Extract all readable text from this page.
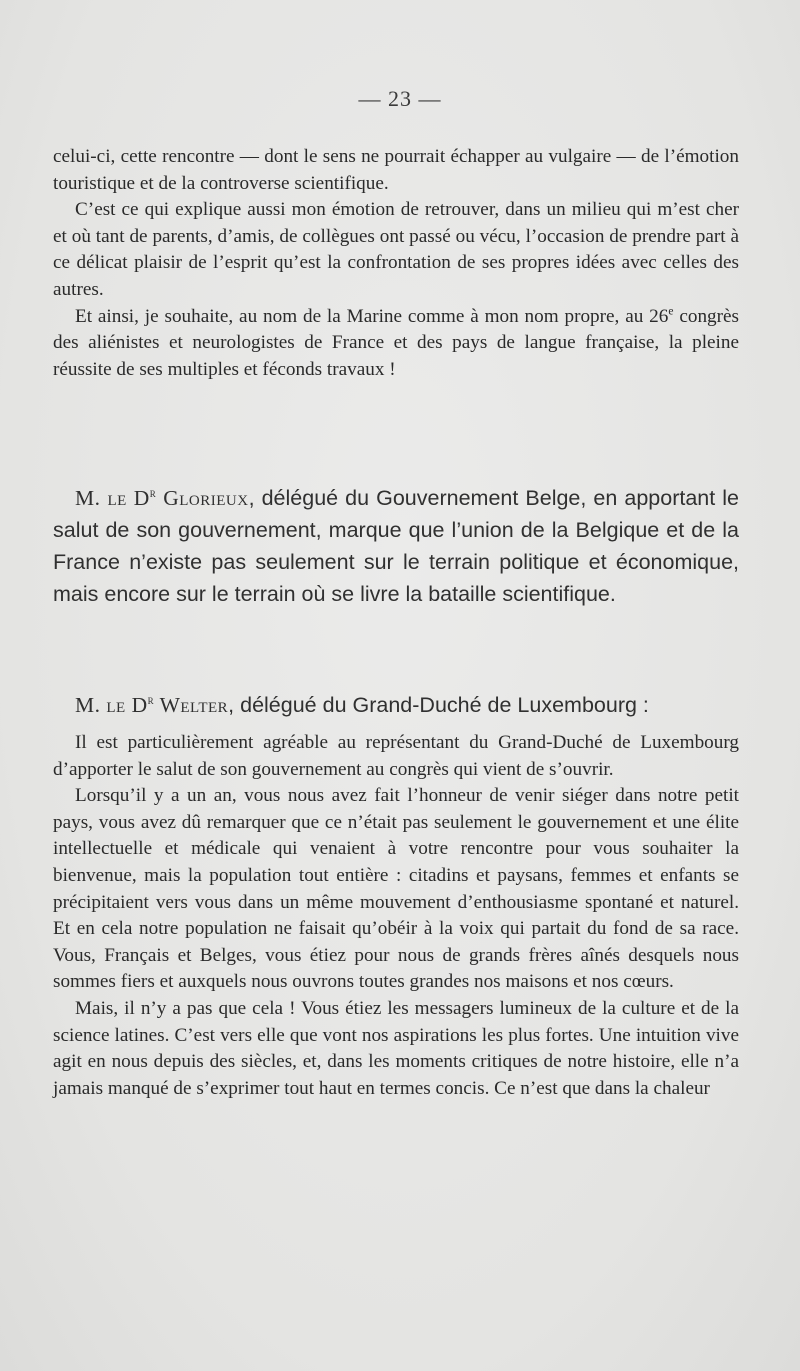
— 23 —

celui-ci, cette rencontre — dont le sens ne pourrait échapper au vulgaire — de l’émotion touristique et de la controverse scientifique.

C’est ce qui explique aussi mon émotion de retrouver, dans un milieu qui m’est cher et où tant de parents, d’amis, de collègues ont passé ou vécu, l’occasion de prendre part à ce délicat plaisir de l’esprit qu’est la confrontation de ses propres idées avec celles des autres.

Et ainsi, je souhaite, au nom de la Marine comme à mon nom propre, au 26e congrès des aliénistes et neurologistes de France et des pays de langue française, la pleine réussite de ses multiples et féconds travaux !

M. le $D^r$ Glorieux, délégué du Gouvernement Belge, en apportant le salut de son gouvernement, marque que l’union de la Belgique et de la France n’existe pas seulement sur le terrain politique et économique, mais encore sur le terrain où se livre la bataille scientifique.

M. le $D^r$ Welter, délégué du Grand-Duché de Luxembourg :

Il est particulièrement agréable au représentant du Grand-Duché de Luxembourg d’apporter le salut de son gouvernement au congrès qui vient de s’ouvrir.

Lorsqu’il y a un an, vous nous avez fait l’honneur de venir siéger dans notre petit pays, vous avez dû remarquer que ce n’était pas seulement le gouvernement et une élite intellectuelle et médicale qui venaient à votre rencontre pour vous souhaiter la bienvenue, mais la population tout entière : citadins et paysans, femmes et enfants se précipitaient vers vous dans un même mouvement d’enthousiasme spontané et naturel. Et en cela notre population ne faisait qu’obéir à la voix qui partait du fond de sa race. Vous, Français et Belges, vous étiez pour nous de grands frères aînés desquels nous sommes fiers et auxquels nous ouvrons toutes grandes nos maisons et nos cœurs.

Mais, il n’y a pas que cela ! Vous étiez les messagers lumineux de la culture et de la science latines. C’est vers elle que vont nos aspirations les plus fortes. Une intuition vive agit en nous depuis des siècles, et, dans les moments critiques de notre histoire, elle n’a jamais manqué de s’exprimer tout haut en termes concis. Ce n’est que dans la chaleur
